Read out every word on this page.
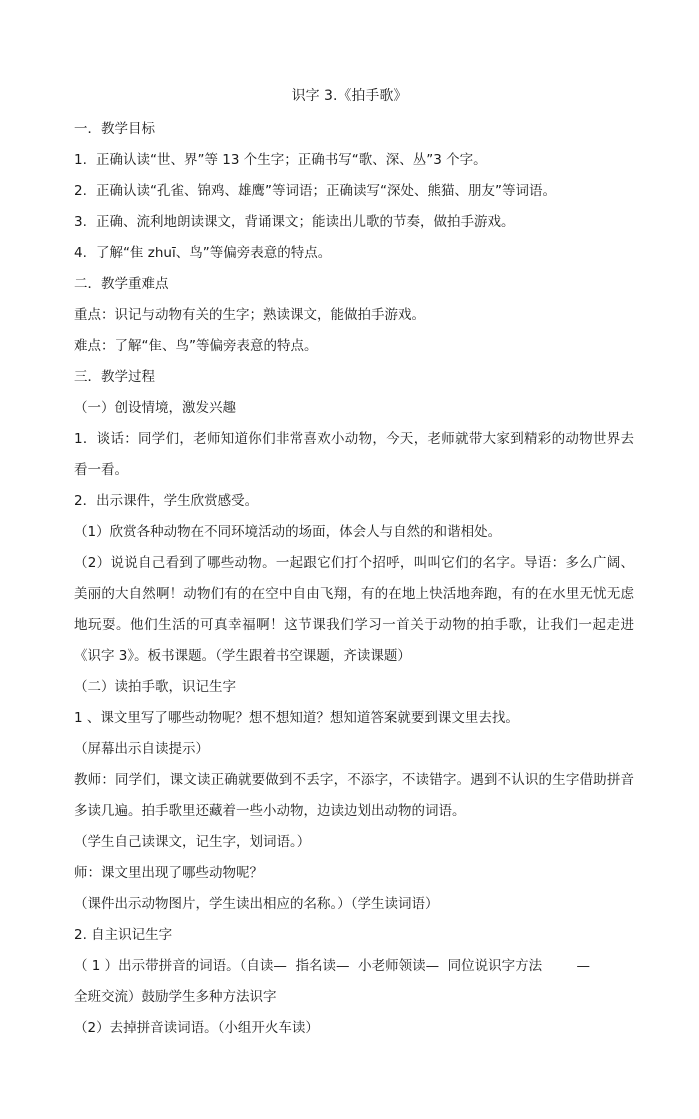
识字 3.《拍手歌》

一．教学目标

1. 正确认读“世、界”等 13 个生字；正确书写“歌、深、丛”3 个字。
2. 正确认读“孔雀、锦鸡、雄鹰”等词语；正确读写“深处、熊猫、朋友”等词语。
3. 正确、流利地朗读课文，背诵课文；能读出儿歌的节奏，做拍手游戏。
4. 了解“隹 zhuī、鸟”等偏旁表意的特点。

二．教学重难点

重点：识记与动物有关的生字；熟读课文，能做拍手游戏。

难点：了解“隹、鸟”等偏旁表意的特点。

三．教学过程

（一）创设情境，激发兴趣

1．谈话：同学们，老师知道你们非常喜欢小动物，今天，老师就带大家到精彩的动物世界去看一看。

2．出示课件，学生欣赏感受。

（1）欣赏各种动物在不同环境活动的场面，体会人与自然的和谐相处。

（2）说说自己看到了哪些动物。一起跟它们打个招呼，叫叫它们的名字。导语：多么广阔、美丽的大自然啊！动物们有的在空中自由飞翔，有的在地上快活地奔跑，有的在水里无忧无虑地玩耍。他们生活的可真幸福啊！这节课我们学习一首关于动物的拍手歌，让我们一起走进《识字 3》。板书课题。（学生跟着书空课题，齐读课题）

（二）读拍手歌，识记生字

1 、课文里写了哪些动物呢？想不想知道？想知道答案就要到课文里去找。

（屏幕出示自读提示）

教师：同学们，课文读正确就要做到不丢字，不添字，不读错字。遇到不认识的生字借助拼音多读几遍。拍手歌里还藏着一些小动物，边读边划出动物的词语。

（学生自己读课文，记生字，划词语。）

师：课文里出现了哪些动物呢？

（课件出示动物图片，学生读出相应的名称。）（学生读词语）

2. 自主识记生字

（ 1 ）出示带拼音的词语。（自读—  指名读—  小老师领读—  同位说识字方法        —

全班交流）鼓励学生多种方法识字

（2）去掉拼音读词语。（小组开火车读）
